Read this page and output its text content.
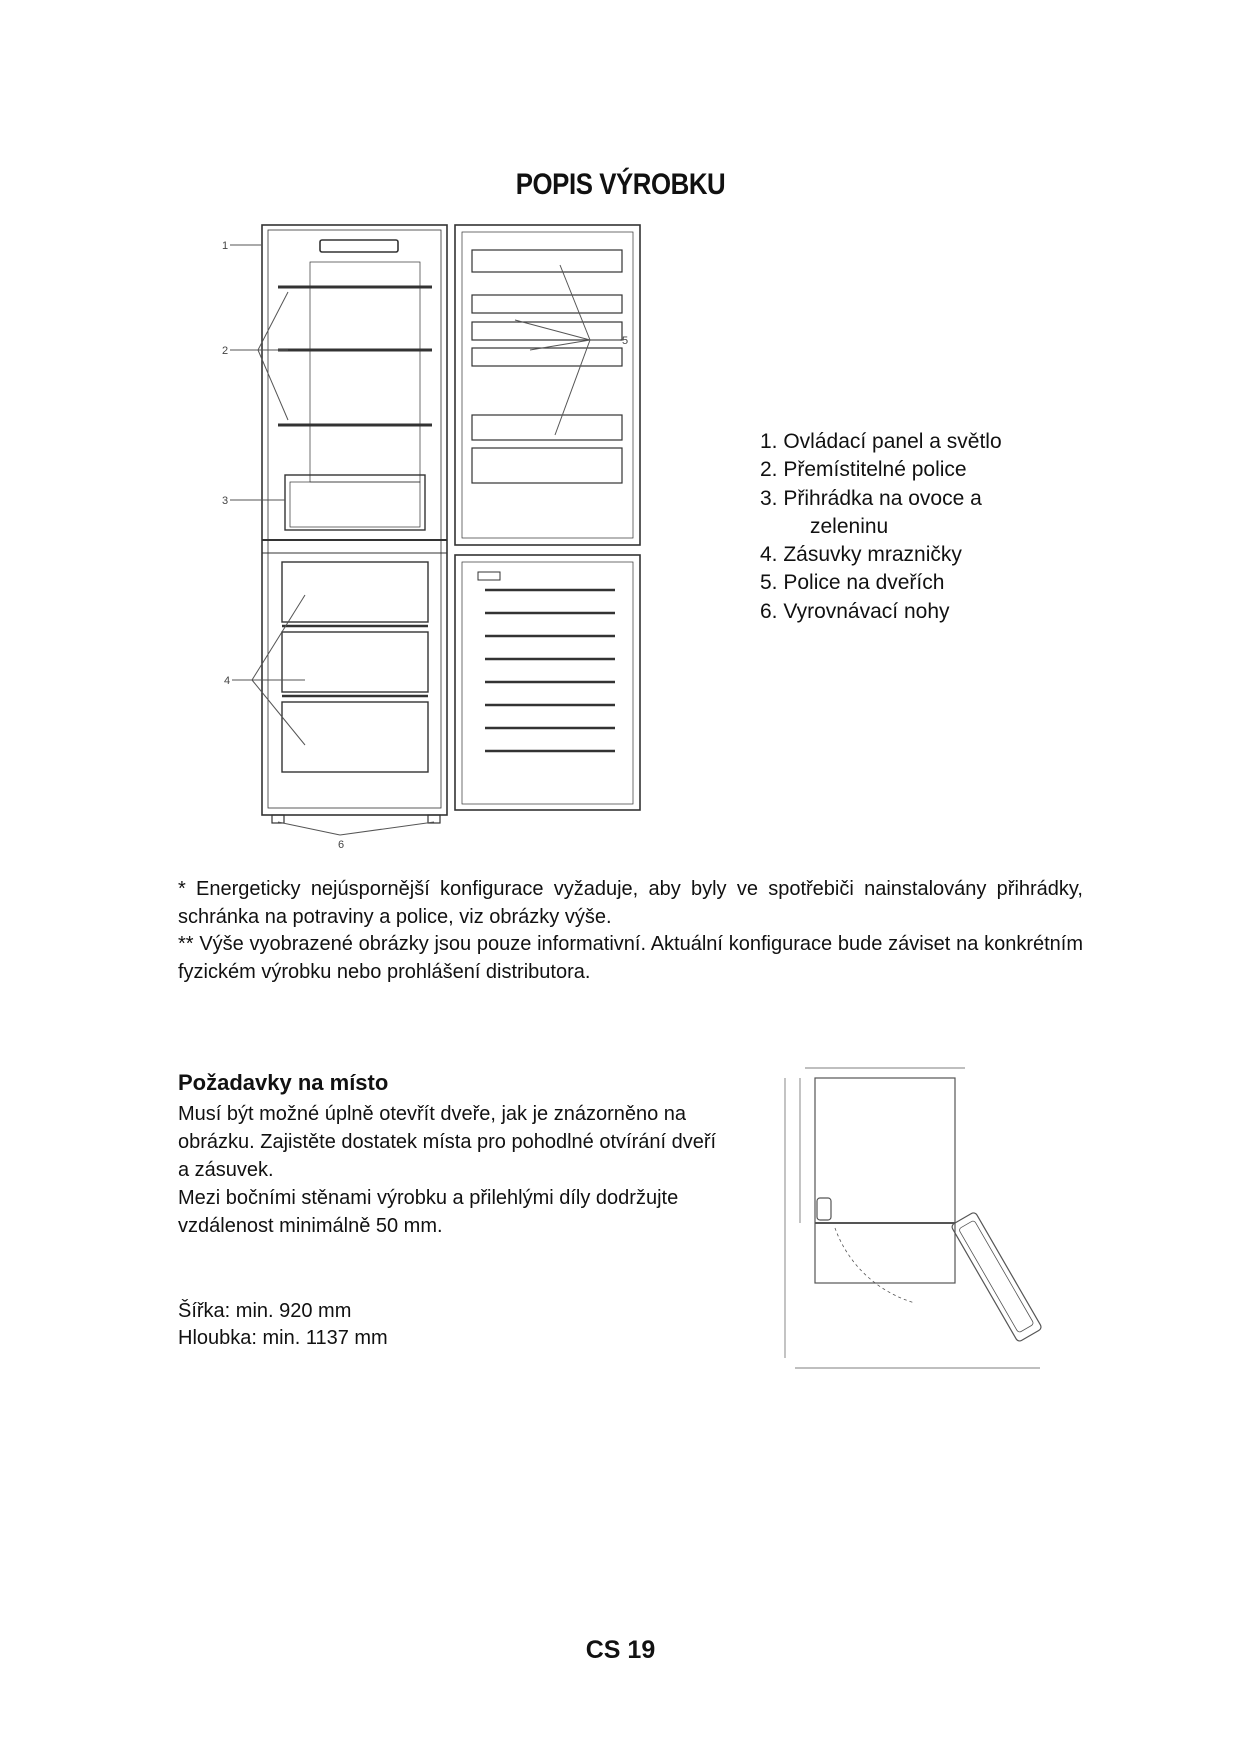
POPIS VÝROBKU
1
2
3
4
5
6
1. Ovládací panel a světlo
2. Přemístitelné police
3. Přihrádka na ovoce a
zeleninu
4. Zásuvky mrazničky
5. Police na dveřích
6. Vyrovnávací nohy

* Energeticky nejúspornější konfigurace vyžaduje, aby byly ve spotřebiči nainstalovány přihrádky, schránka na potraviny a police, viz obrázky výše.

** Výše vyobrazené obrázky jsou pouze informativní. Aktuální konfigurace bude záviset na konkrétním fyzickém výrobku nebo prohlášení distributora.

Požadavky na místo

Musí být možné úplně otevřít dveře, jak je znázorněno na obrázku. Zajistěte dostatek místa pro pohodlné otvírání dveří a zásuvek.

Mezi bočními stěnami výrobku a přilehlými díly dodržujte vzdálenost minimálně 50 mm.

Šířka: min. 920 mm
Hloubka: min. 1137 mm
CS 19
